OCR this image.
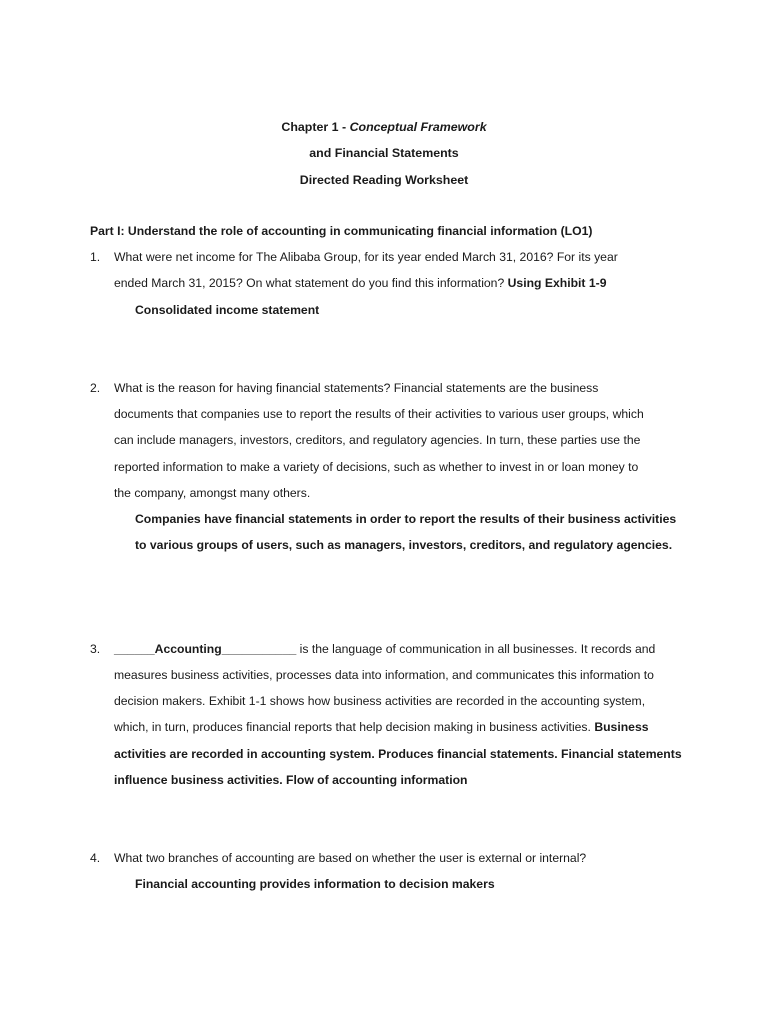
Chapter 1 - Conceptual Framework
and Financial Statements
Directed Reading Worksheet
Part I: Understand the role of accounting in communicating financial information (LO1)
1. What were net income for The Alibaba Group, for its year ended March 31, 2016? For its year
ended March 31, 2015? On what statement do you find this information? Using Exhibit 1-9
Consolidated income statement
2. What is the reason for having financial statements? Financial statements are the business
documents that companies use to report the results of their activities to various user groups, which
can include managers, investors, creditors, and regulatory agencies. In turn, these parties use the
reported information to make a variety of decisions, such as whether to invest in or loan money to
the company, amongst many others.
Companies have financial statements in order to report the results of their business activities
to various groups of users, such as managers, investors, creditors, and regulatory agencies.
3. ______Accounting___________ is the language of communication in all businesses. It records and
measures business activities, processes data into information, and communicates this information to
decision makers. Exhibit 1-1 shows how business activities are recorded in the accounting system,
which, in turn, produces financial reports that help decision making in business activities. Business
activities are recorded in accounting system. Produces financial statements. Financial statements
influence business activities. Flow of accounting information
4. What two branches of accounting are based on whether the user is external or internal?
Financial accounting provides information to decision makers
